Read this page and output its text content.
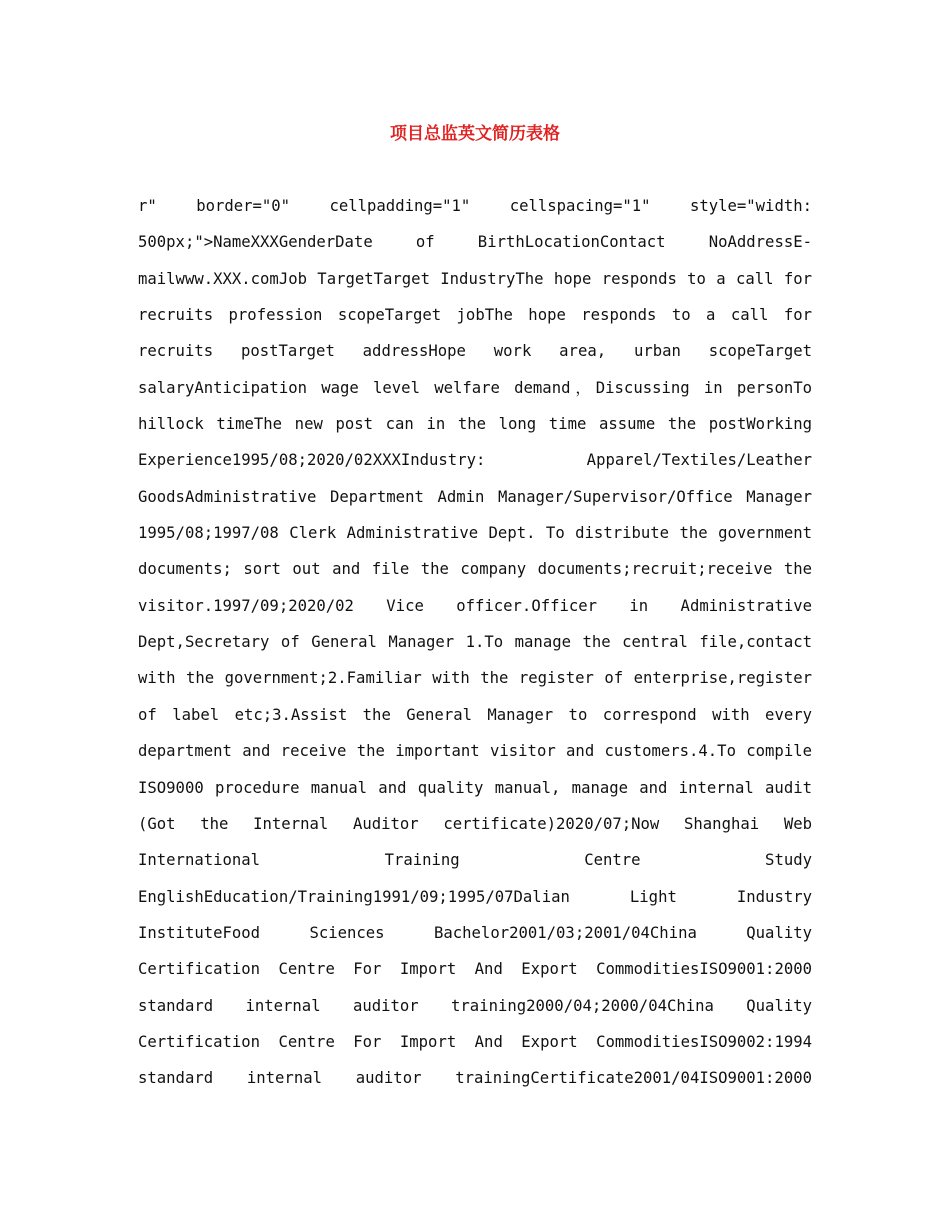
项目总监英文简历表格
r" border="0" cellpadding="1" cellspacing="1" style="width:
500px;">NameXXXGenderDate of BirthLocationContact NoAddressE-
mailwww.XXX.comJob TargetTarget IndustryThe hope responds to a call for
recruits profession scopeTarget jobThe hope responds to a call for
recruits postTarget addressHope work area, urban scopeTarget
salaryAnticipation wage level welfare demand，Discussing in personTo
hillock timeThe new post can in the long time assume the postWorking
Experience1995/08;2020/02XXXIndustry: Apparel/Textiles/Leather
GoodsAdministrative Department Admin Manager/Supervisor/Office Manager
1995/08;1997/08 Clerk Administrative Dept. To distribute the government
documents; sort out and file the company documents;recruit;receive the
visitor.1997/09;2020/02 Vice officer.Officer in Administrative
Dept,Secretary of General Manager 1.To manage the central file,contact
with the government;2.Familiar with the register of enterprise,register
of label etc;3.Assist the General Manager to correspond with every
department and receive the important visitor and customers.4.To compile
ISO9000 procedure manual and quality manual, manage and internal audit
(Got the Internal Auditor certificate)2020/07;Now Shanghai Web
International Training Centre Study
EnglishEducation/Training1991/09;1995/07Dalian Light Industry
InstituteFood Sciences Bachelor2001/03;2001/04China Quality
Certification Centre For Import And Export CommoditiesISO9001:2000
standard internal auditor training2000/04;2000/04China Quality
Certification Centre For Import And Export CommoditiesISO9002:1994
standard internal auditor trainingCertificate2001/04ISO9001:2000
